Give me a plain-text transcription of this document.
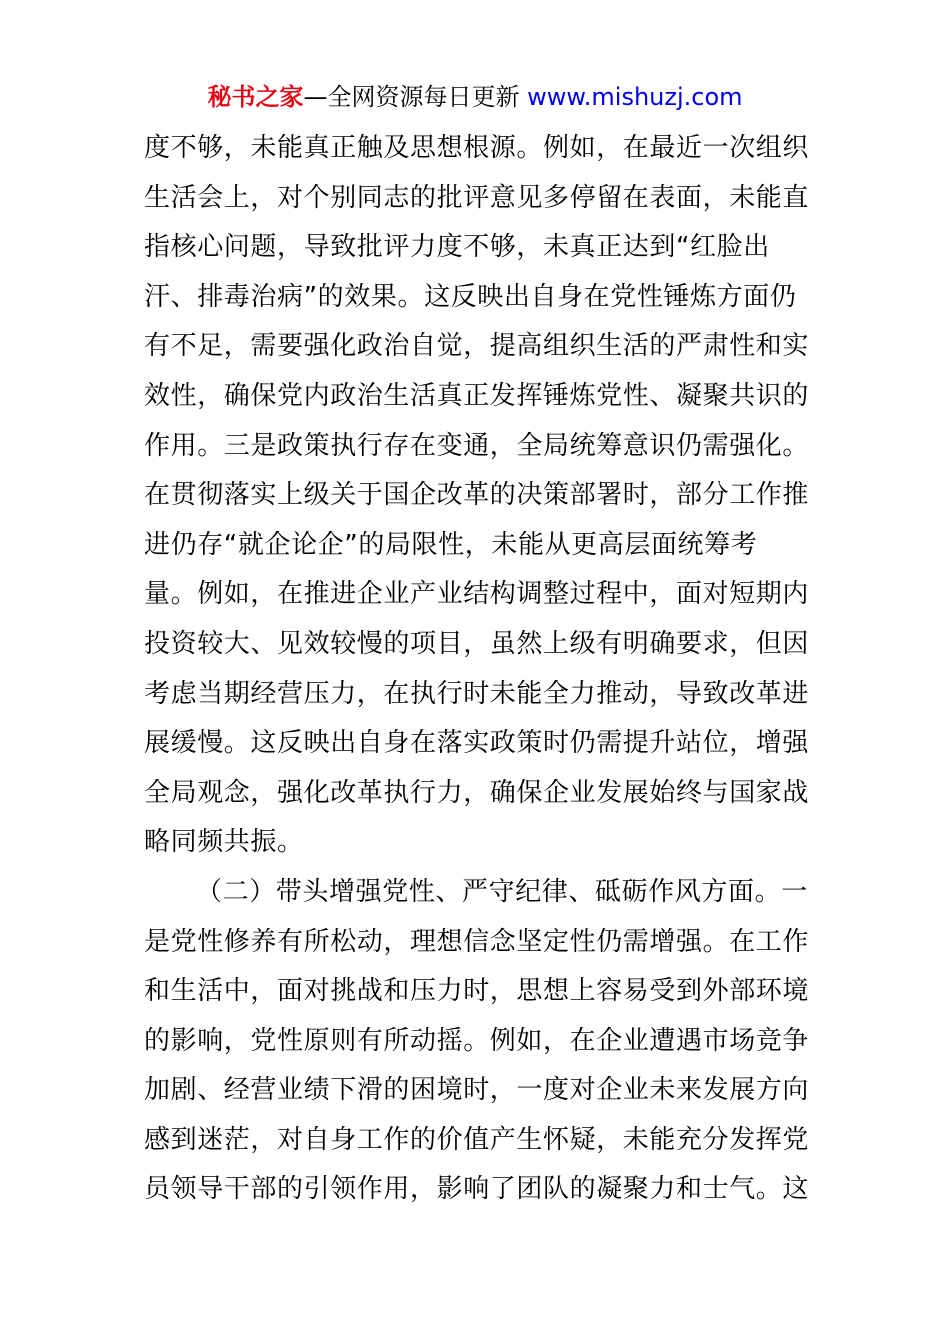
秘书之家—全网资源每日更新 www.mishuzj.com
度不够，未能真正触及思想根源。例如，在最近一次组织
生活会上，对个别同志的批评意见多停留在表面，未能直
指核心问题，导致批评力度不够，未真正达到“红脸出
汗、排毒治病”的效果。这反映出自身在党性锤炼方面仍
有不足，需要强化政治自觉，提高组织生活的严肃性和实
效性，确保党内政治生活真正发挥锤炼党性、凝聚共识的
作用。三是政策执行存在变通，全局统筹意识仍需强化。
在贯彻落实上级关于国企改革的决策部署时，部分工作推
进仍存“就企论企”的局限性，未能从更高层面统筹考
量。例如，在推进企业产业结构调整过程中，面对短期内
投资较大、见效较慢的项目，虽然上级有明确要求，但因
考虑当期经营压力，在执行时未能全力推动，导致改革进
展缓慢。这反映出自身在落实政策时仍需提升站位，增强
全局观念，强化改革执行力，确保企业发展始终与国家战
略同频共振。
（二）带头增强党性、严守纪律、砥砺作风方面。一
是党性修养有所松动，理想信念坚定性仍需增强。在工作
和生活中，面对挑战和压力时，思想上容易受到外部环境
的影响，党性原则有所动摇。例如，在企业遭遇市场竞争
加剧、经营业绩下滑的困境时，一度对企业未来发展方向
感到迷茫，对自身工作的价值产生怀疑，未能充分发挥党
员领导干部的引领作用，影响了团队的凝聚力和士气。这
